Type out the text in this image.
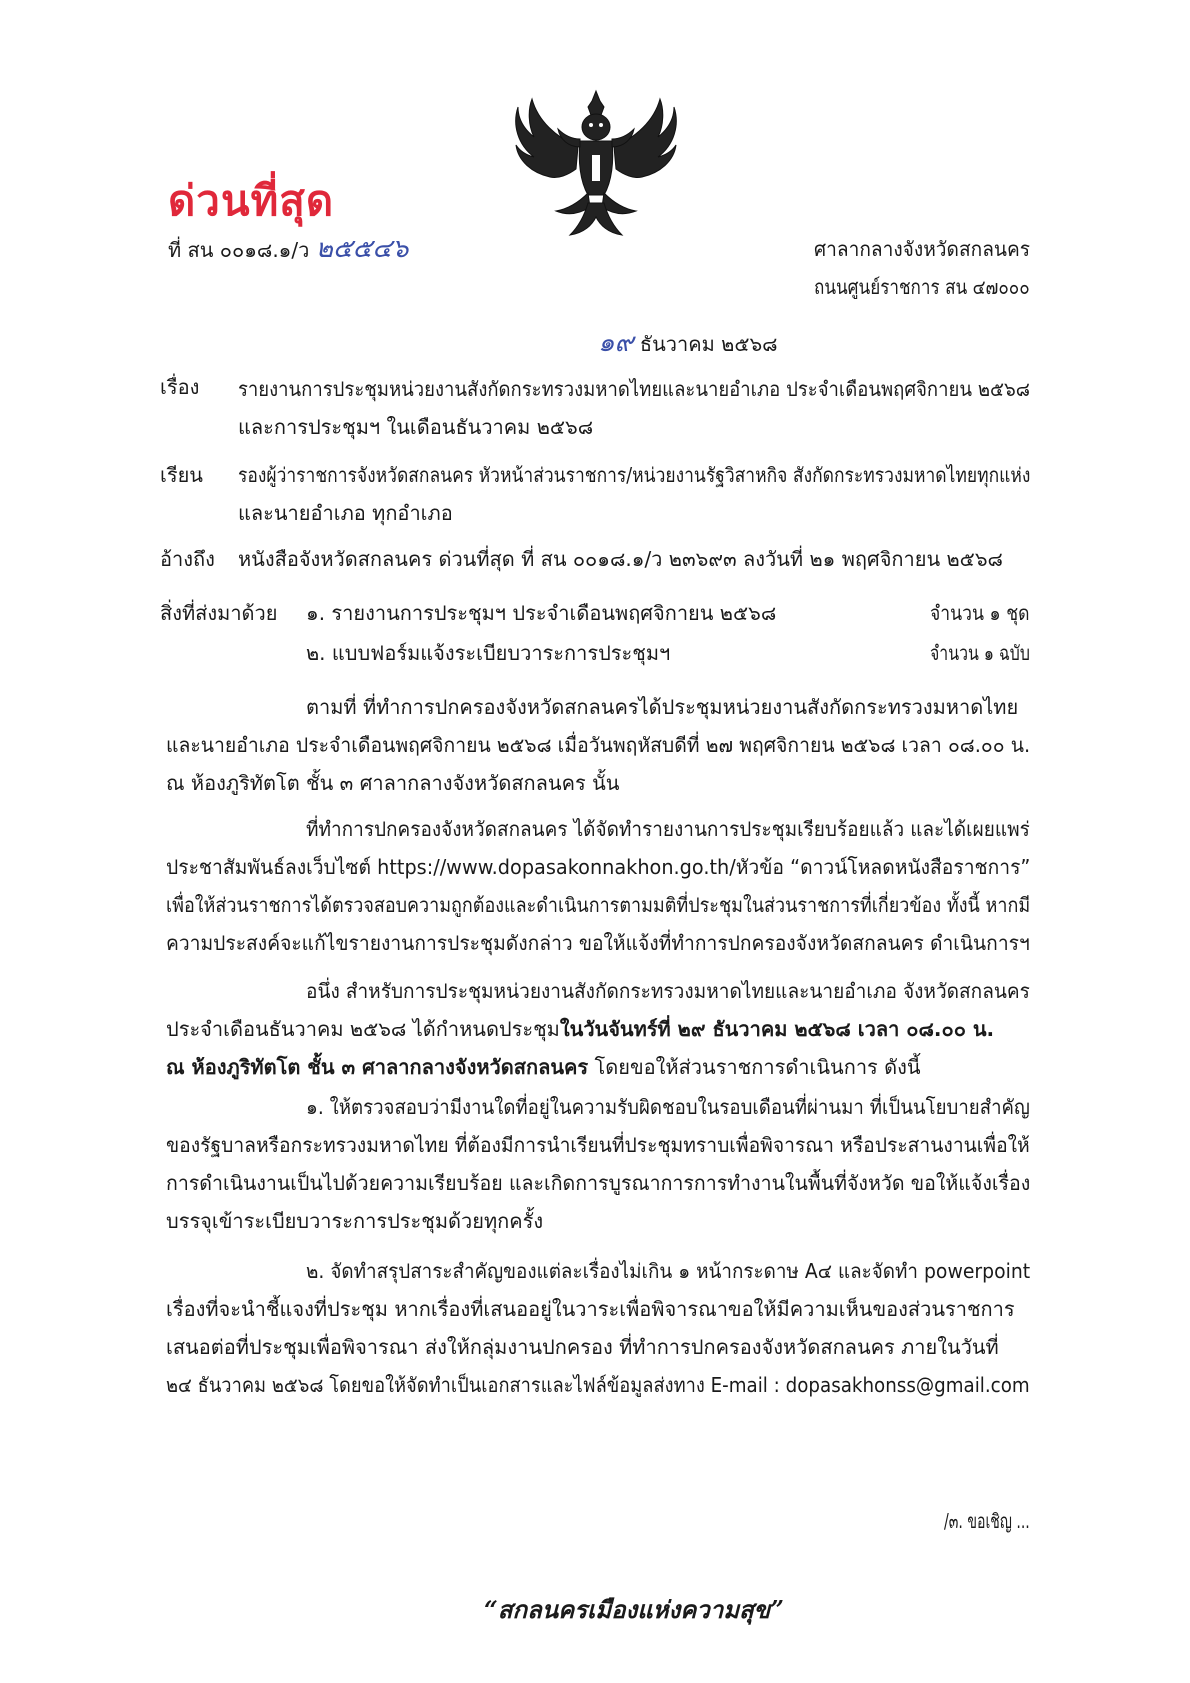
ด่วนที่สุด
ที่ สน ๐๐๑๘.๑/ว ๒๕๕๔๖	ศาลากลางจังหวัดสกลนคร
ถนนศูนย์ราชการ สน ๔๗๐๐๐
๑๙ ธันวาคม ๒๕๖๘
เรื่อง รายงานการประชุมหน่วยงานสังกัดกระทรวงมหาดไทยและนายอำเภอ ประจำเดือนพฤศจิกายน ๒๕๖๘
และการประชุมฯ ในเดือนธันวาคม ๒๕๖๘
เรียน รองผู้ว่าราชการจังหวัดสกลนคร หัวหน้าส่วนราชการ/หน่วยงานรัฐวิสาหกิจ สังกัดกระทรวงมหาดไทยทุกแห่ง
และนายอำเภอ ทุกอำเภอ
อ้างถึง หนังสือจังหวัดสกลนคร ด่วนที่สุด ที่ สน ๐๐๑๘.๑/ว ๒๓๖๙๓ ลงวันที่ ๒๑ พฤศจิกายน ๒๕๖๘
สิ่งที่ส่งมาด้วย ๑. รายงานการประชุมฯ ประจำเดือนพฤศจิกายน ๒๕๖๘	จำนวน ๑ ชุด
๒. แบบฟอร์มแจ้งระเบียบวาระการประชุมฯ	จำนวน ๑ ฉบับ
ตามที่ ที่ทำการปกครองจังหวัดสกลนครได้ประชุมหน่วยงานสังกัดกระทรวงมหาดไทย
และนายอำเภอ ประจำเดือนพฤศจิกายน ๒๕๖๘ เมื่อวันพฤหัสบดีที่ ๒๗ พฤศจิกายน ๒๕๖๘ เวลา ๐๘.๐๐ น.
ณ ห้องภูริทัตโต ชั้น ๓ ศาลากลางจังหวัดสกลนคร นั้น
ที่ทำการปกครองจังหวัดสกลนคร ได้จัดทำรายงานการประชุมเรียบร้อยแล้ว และได้เผยแพร่
ประชาสัมพันธ์ลงเว็บไซต์ https://www.dopasakonnakhon.go.th/หัวข้อ “ดาวน์โหลดหนังสือราชการ”
เพื่อให้ส่วนราชการได้ตรวจสอบความถูกต้องและดำเนินการตามมติที่ประชุมในส่วนราชการที่เกี่ยวข้อง ทั้งนี้ หากมี
ความประสงค์จะแก้ไขรายงานการประชุมดังกล่าว ขอให้แจ้งที่ทำการปกครองจังหวัดสกลนคร ดำเนินการฯ
อนึ่ง สำหรับการประชุมหน่วยงานสังกัดกระทรวงมหาดไทยและนายอำเภอ จังหวัดสกลนคร
ประจำเดือนธันวาคม ๒๕๖๘ ได้กำหนดประชุมในวันจันทร์ที่ ๒๙ ธันวาคม ๒๕๖๘ เวลา ๐๘.๐๐ น.
ณ ห้องภูริทัตโต ชั้น ๓ ศาลากลางจังหวัดสกลนคร โดยขอให้ส่วนราชการดำเนินการ ดังนี้
๑. ให้ตรวจสอบว่ามีงานใดที่อยู่ในความรับผิดชอบในรอบเดือนที่ผ่านมา ที่เป็นนโยบายสำคัญ
ของรัฐบาลหรือกระทรวงมหาดไทย ที่ต้องมีการนำเรียนที่ประชุมทราบเพื่อพิจารณา หรือประสานงานเพื่อให้
การดำเนินงานเป็นไปด้วยความเรียบร้อย และเกิดการบูรณาการการทำงานในพื้นที่จังหวัด ขอให้แจ้งเรื่อง
บรรจุเข้าระเบียบวาระการประชุมด้วยทุกครั้ง
๒. จัดทำสรุปสาระสำคัญของแต่ละเรื่องไม่เกิน ๑ หน้ากระดาษ A๔ และจัดทำ powerpoint
เรื่องที่จะนำชี้แจงที่ประชุม หากเรื่องที่เสนออยู่ในวาระเพื่อพิจารณาขอให้มีความเห็นของส่วนราชการ
เสนอต่อที่ประชุมเพื่อพิจารณา ส่งให้กลุ่มงานปกครอง ที่ทำการปกครองจังหวัดสกลนคร ภายในวันที่
๒๔ ธันวาคม ๒๕๖๘ โดยขอให้จัดทำเป็นเอกสารและไฟล์ข้อมูลส่งทาง E-mail : dopasakhonss@gmail.com
/๓. ขอเชิญ ...
“สกลนครเมืองแห่งความสุข”
